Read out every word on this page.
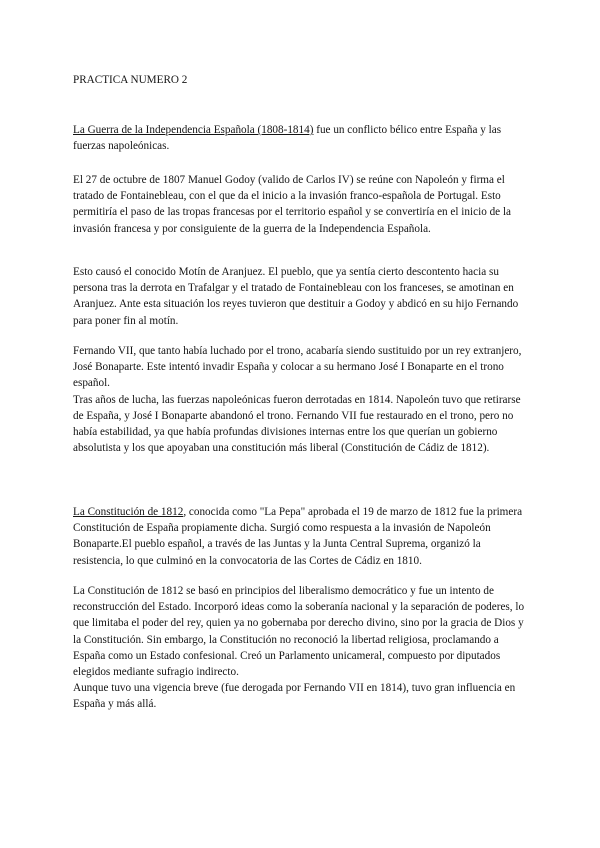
PRACTICA NUMERO 2

La Guerra de la Independencia Española (1808-1814) fue un conflicto bélico entre España y las fuerzas napoleónicas.

El 27 de octubre de 1807 Manuel Godoy (valido de Carlos IV) se reúne con Napoleón y firma el tratado de Fontainebleau, con el que da el inicio a la invasión franco-española de Portugal. Esto permitiría el paso de las tropas francesas por el territorio español y se convertiría en el inicio de la invasión francesa y por consiguiente de la guerra de la Independencia Española.

Esto causó el conocido Motín de Aranjuez. El pueblo, que ya sentía cierto descontento hacia su persona tras la derrota en Trafalgar y el tratado de Fontainebleau con los franceses, se amotinan en Aranjuez. Ante esta situación los reyes tuvieron que destituir a Godoy y abdicó en su hijo Fernando para poner fin al motín.

Fernando VII, que tanto había luchado por el trono, acabaría siendo sustituido por un rey extranjero, José Bonaparte. Este intentó invadir España y colocar a su hermano José I Bonaparte en el trono español.
Tras años de lucha, las fuerzas napoleónicas fueron derrotadas en 1814. Napoleón tuvo que retirarse de España, y José I Bonaparte abandonó el trono. Fernando VII fue restaurado en el trono, pero no había estabilidad, ya que había profundas divisiones internas entre los que querían un gobierno absolutista y los que apoyaban una constitución más liberal (Constitución de Cádiz de 1812).

La Constitución de 1812, conocida como "La Pepa" aprobada el 19 de marzo de 1812 fue la primera Constitución de España propiamente dicha. Surgió como respuesta a la invasión de Napoleón Bonaparte.El pueblo español, a través de las Juntas y la Junta Central Suprema, organizó la resistencia, lo que culminó en la convocatoria de las Cortes de Cádiz en 1810.

La Constitución de 1812 se basó en principios del liberalismo democrático y fue un intento de reconstrucción del Estado. Incorporó ideas como la soberanía nacional y la separación de poderes, lo que limitaba el poder del rey, quien ya no gobernaba por derecho divino, sino por la gracia de Dios y la Constitución. Sin embargo, la Constitución no reconoció la libertad religiosa, proclamando a España como un Estado confesional. Creó un Parlamento unicameral, compuesto por diputados elegidos mediante sufragio indirecto.
Aunque tuvo una vigencia breve (fue derogada por Fernando VII en 1814), tuvo gran influencia en España y más allá.
